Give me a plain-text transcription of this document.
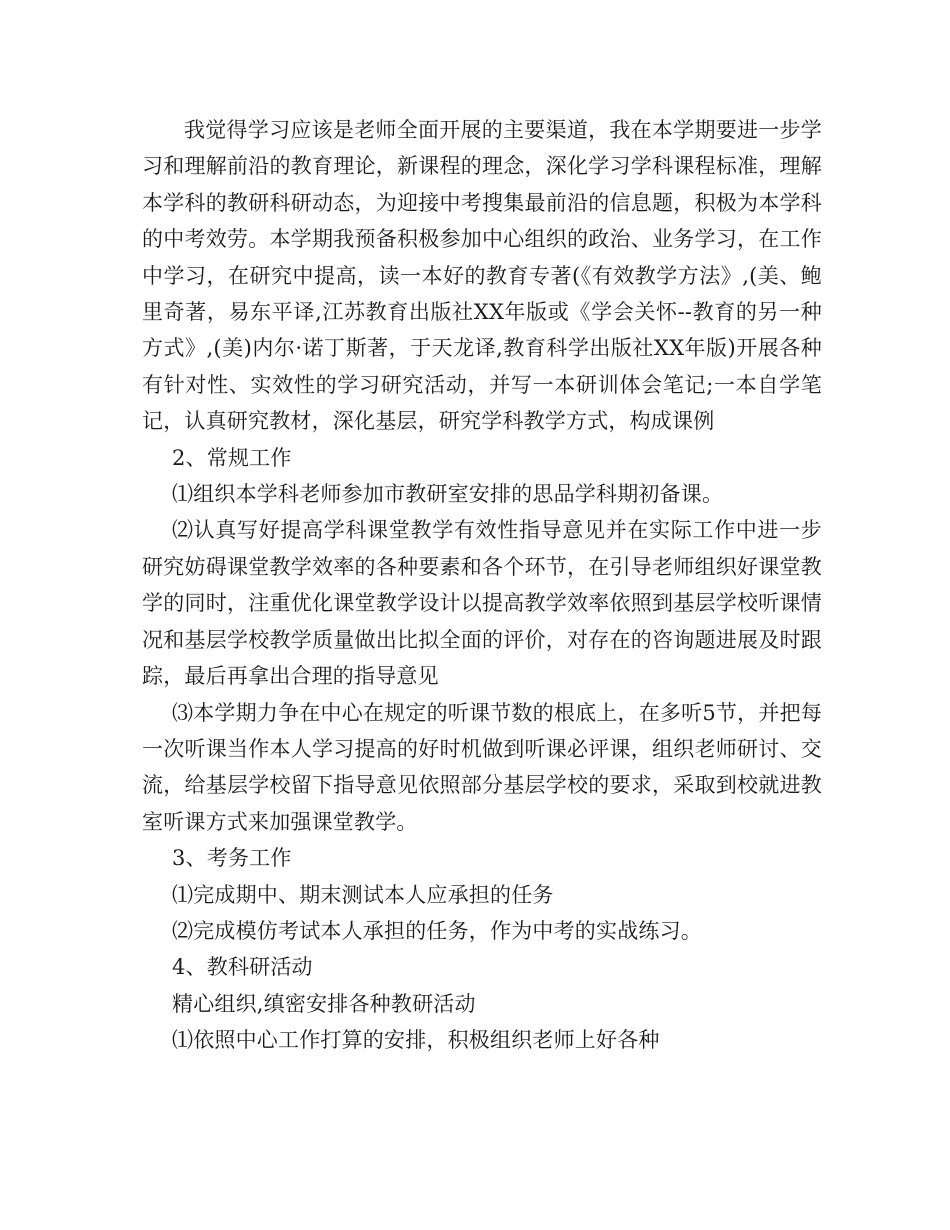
我觉得学习应该是老师全面开展的主要渠道，我在本学期要进一步学习和理解前沿的教育理论，新课程的理念，深化学习学科课程标准，理解本学科的教研科研动态，为迎接中考搜集最前沿的信息题，积极为本学科的中考效劳。本学期我预备积极参加中心组织的政治、业务学习，在工作中学习，在研究中提高，读一本好的教育专著(《有效教学方法》,(美、鲍里奇著，易东平译,江苏教育出版社XX年版或《学会关怀--教育的另一种方式》,(美)内尔·诺丁斯著，于天龙译,教育科学出版社XX年版)开展各种有针对性、实效性的学习研究活动，并写一本研训体会笔记;一本自学笔记，认真研究教材，深化基层，研究学科教学方式，构成课例

2、常规工作

⑴组织本学科老师参加市教研室安排的思品学科期初备课。

⑵认真写好提高学科课堂教学有效性指导意见并在实际工作中进一步研究妨碍课堂教学效率的各种要素和各个环节，在引导老师组织好课堂教学的同时，注重优化课堂教学设计以提高教学效率依照到基层学校听课情况和基层学校教学质量做出比拟全面的评价，对存在的咨询题进展及时跟踪，最后再拿出合理的指导意见

⑶本学期力争在中心在规定的听课节数的根底上，在多听5节，并把每一次听课当作本人学习提高的好时机做到听课必评课，组织老师研讨、交流，给基层学校留下指导意见依照部分基层学校的要求，采取到校就进教室听课方式来加强课堂教学。

3、考务工作

⑴完成期中、期末测试本人应承担的任务

⑵完成模仿考试本人承担的任务，作为中考的实战练习。

4、教科研活动

精心组织,缜密安排各种教研活动

⑴依照中心工作打算的安排，积极组织老师上好各种
